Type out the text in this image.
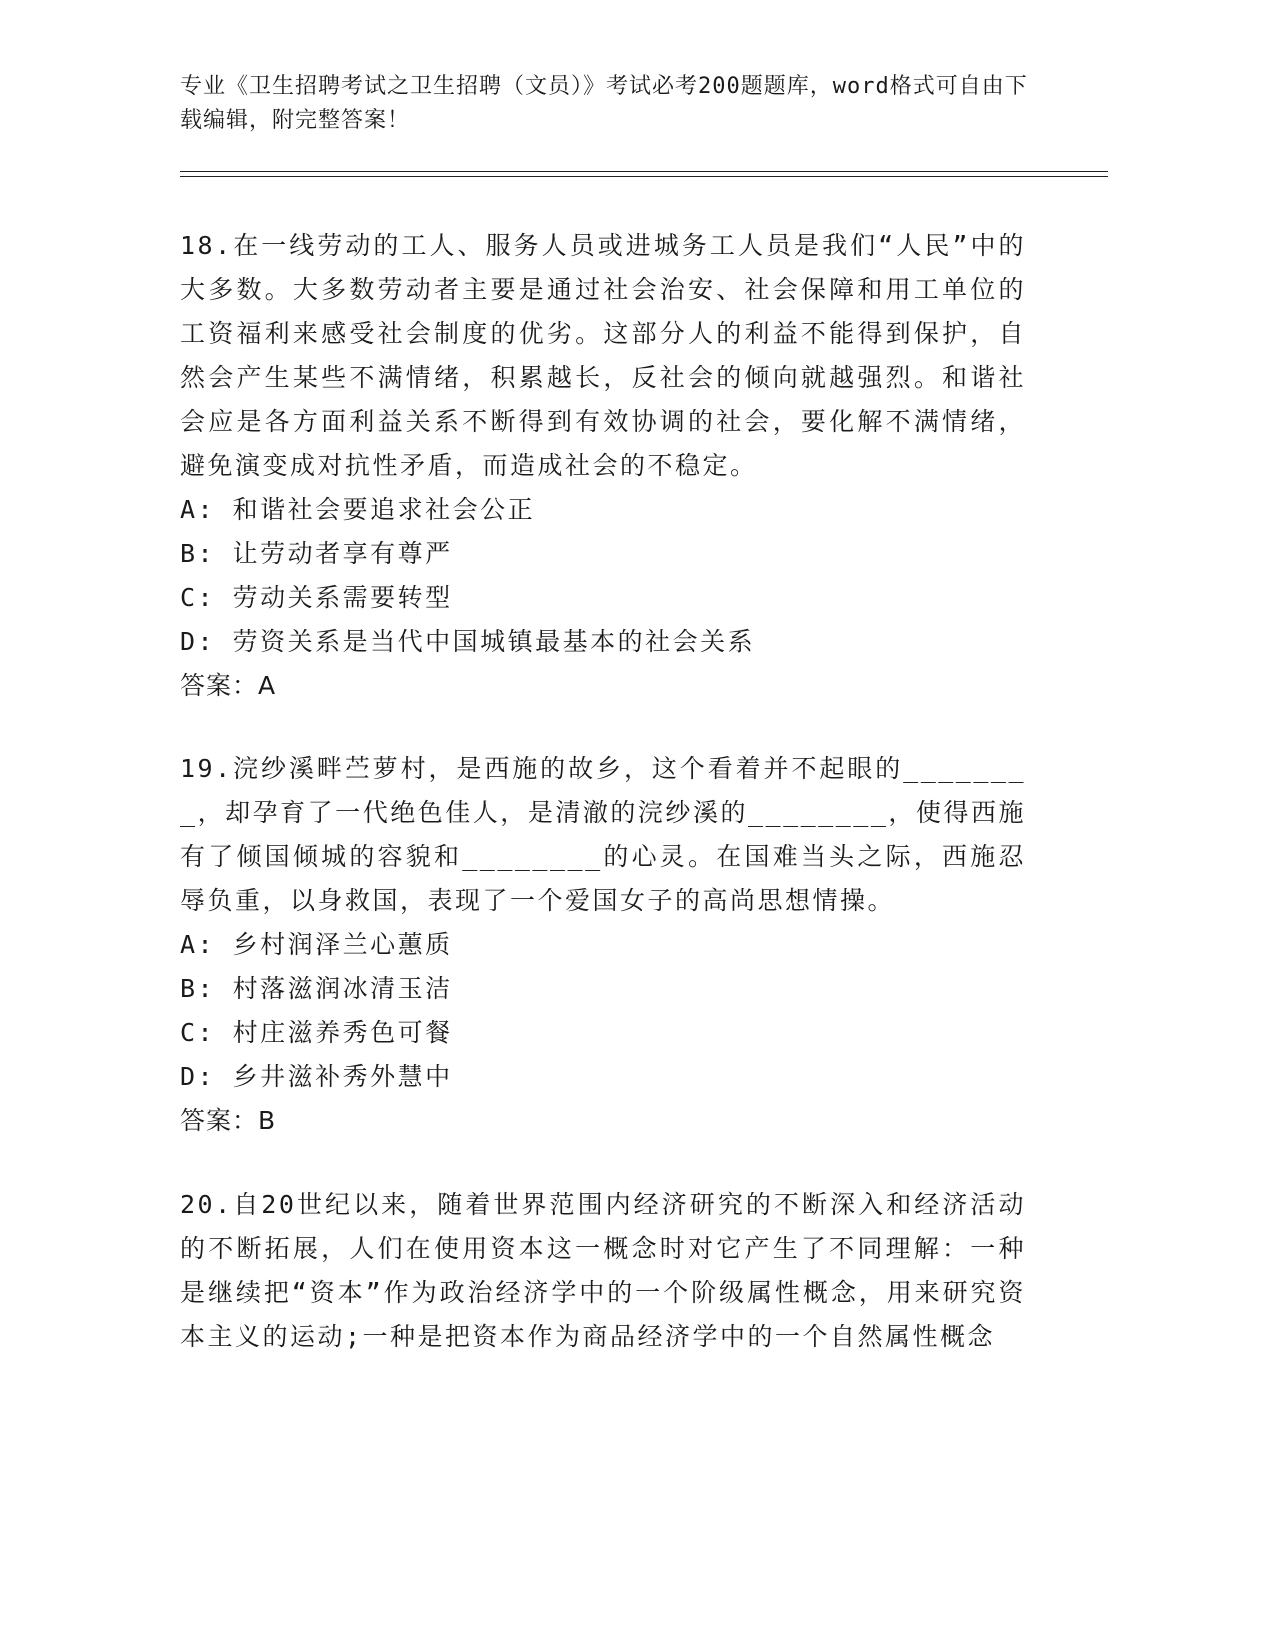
专业《卫生招聘考试之卫生招聘（文员）》考试必考200题题库，word格式可自由下载编辑，附完整答案！
18.在一线劳动的工人、服务人员或进城务工人员是我们“人民”中的大多数。大多数劳动者主要是通过社会治安、社会保障和用工单位的工资福利来感受社会制度的优劣。这部分人的利益不能得到保护，自然会产生某些不满情绪，积累越长，反社会的倾向就越强烈。和谐社会应是各方面利益关系不断得到有效协调的社会，要化解不满情绪，避免演变成对抗性矛盾，而造成社会的不稳定。
A: 和谐社会要追求社会公正
B: 让劳动者享有尊严
C: 劳动关系需要转型
D: 劳资关系是当代中国城镇最基本的社会关系
答案：A
19.浣纱溪畔苎萝村，是西施的故乡，这个看着并不起眼的________，却孕育了一代绝色佳人，是清澈的浣纱溪的________，使得西施有了倾国倾城的容貌和________的心灵。在国难当头之际，西施忍辱负重，以身救国，表现了一个爱国女子的高尚思想情操。
A: 乡村润泽兰心蕙质
B: 村落滋润冰清玉洁
C: 村庄滋养秀色可餐
D: 乡井滋补秀外慧中
答案：B
20.自20世纪以来，随着世界范围内经济研究的不断深入和经济活动的不断拓展，人们在使用资本这一概念时对它产生了不同理解：一种是继续把“资本”作为政治经济学中的一个阶级属性概念，用来研究资本主义的运动;一种是把资本作为商品经济学中的一个自然属性概念
